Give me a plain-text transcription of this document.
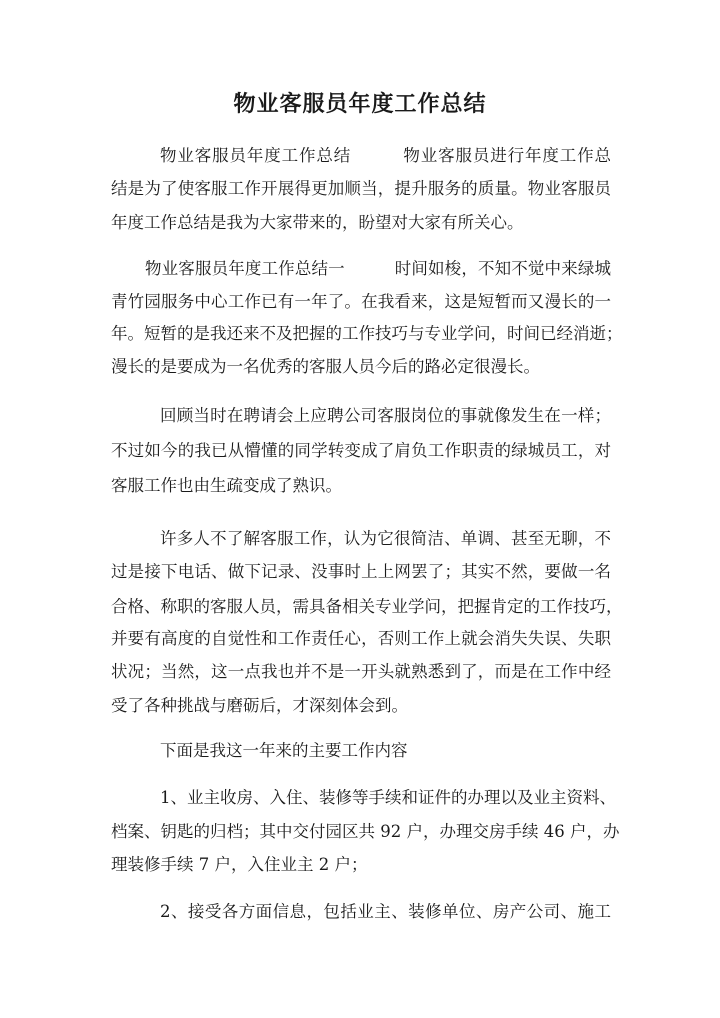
物业客服员年度工作总结
物业客服员年度工作总结　　　物业客服员进行年度工作总
结是为了使客服工作开展得更加顺当，提升服务的质量。物业客服员
年度工作总结是我为大家带来的，盼望对大家有所关心。
物业客服员年度工作总结一　　　时间如梭，不知不觉中来绿城
青竹园服务中心工作已有一年了。在我看来，这是短暂而又漫长的一
年。短暂的是我还来不及把握的工作技巧与专业学问，时间已经消逝；
漫长的是要成为一名优秀的客服人员今后的路必定很漫长。
回顾当时在聘请会上应聘公司客服岗位的事就像发生在一样；
不过如今的我已从懵懂的同学转变成了肩负工作职责的绿城员工，对
客服工作也由生疏变成了熟识。
许多人不了解客服工作，认为它很简洁、单调、甚至无聊，不
过是接下电话、做下记录、没事时上上网罢了；其实不然，要做一名
合格、称职的客服人员，需具备相关专业学问，把握肯定的工作技巧，
并要有高度的自觉性和工作责任心，否则工作上就会消失失误、失职
状况；当然，这一点我也并不是一开头就熟悉到了，而是在工作中经
受了各种挑战与磨砺后，才深刻体会到。
下面是我这一年来的主要工作内容
1、业主收房、入住、装修等手续和证件的办理以及业主资料、
档案、钥匙的归档；其中交付园区共 92 户，办理交房手续 46 户，办
理装修手续 7 户，入住业主 2 户；
2、接受各方面信息，包括业主、装修单位、房产公司、施工
